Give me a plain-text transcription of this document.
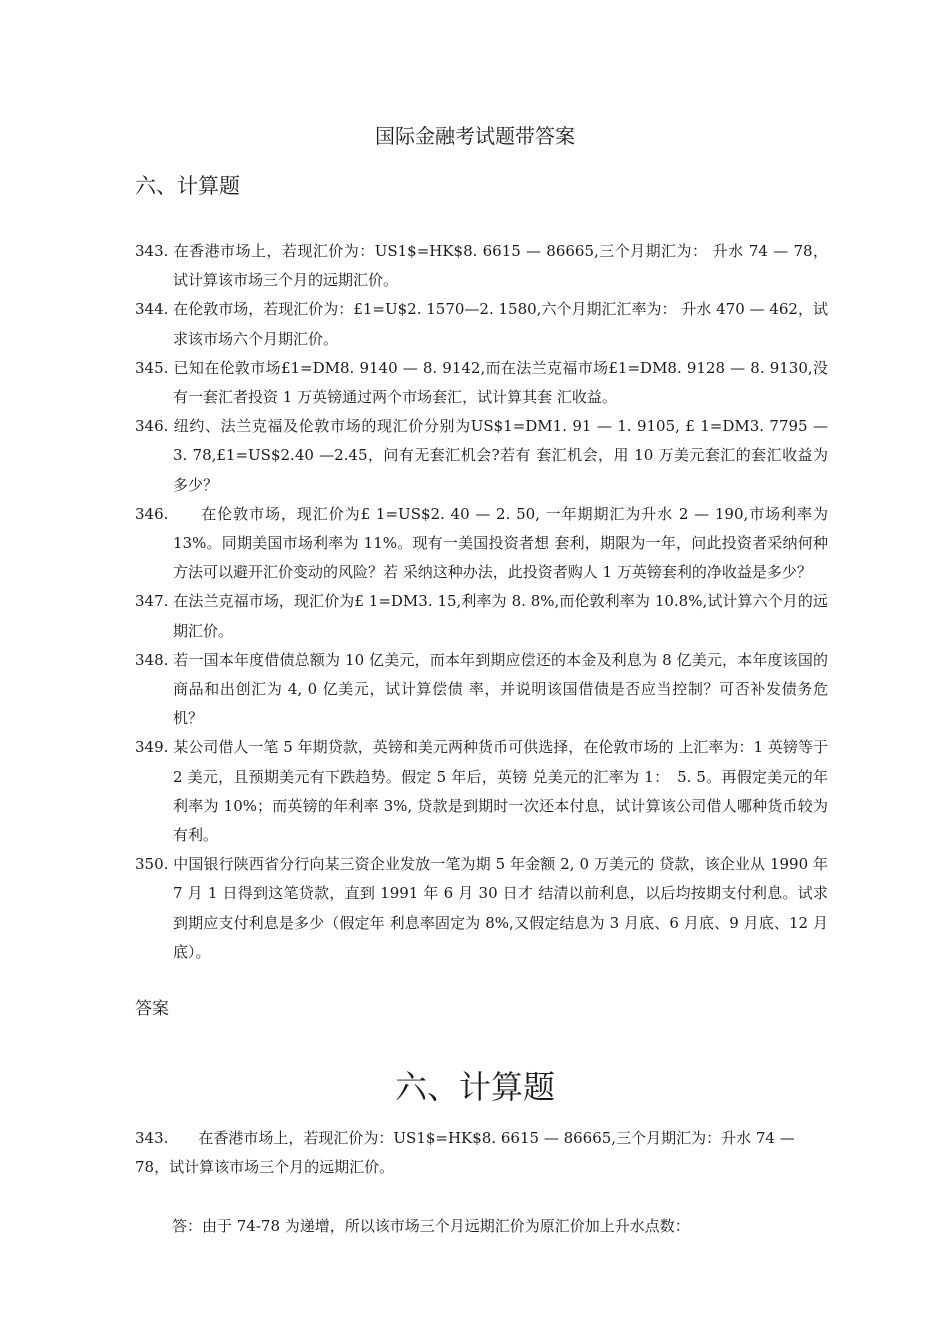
国际金融考试题带答案
六、计算题

343. 在香港市场上，若现汇价为：US1$=HK$8. 6615 — 86665,三个月期汇为： 升水 74 — 78，试计算该市场三个月的远期汇价。

344. 在伦敦市场，若现汇价为：£1=U$2. 1570—2. 1580,六个月期汇汇率为： 升水 470 — 462，试求该市场六个月期汇价。

345. 已知在伦敦市场£1=DM8. 9140 — 8. 9142,而在法兰克福市场£1=DM8. 9128 — 8. 9130,没有一套汇者投资 1 万英镑通过两个市场套汇，试计算其套 汇收益。

346. 纽约、法兰克福及伦敦市场的现汇价分别为US$1=DM1. 91 — 1. 9105, £ 1=DM3. 7795 — 3. 78,£1=US$2.40 —2.45，问有无套汇机会?若有 套汇机会，用 10 万美元套汇的套汇收益为多少？

346.　　在伦敦市场，现汇价为£ 1=US$2. 40 — 2. 50, 一年期期汇为升水 2 — 190,市场利率为 13%。同期美国市场利率为 11%。现有一美国投资者想 套利，期限为一年，问此投资者采纳何种方法可以避开汇价变动的风险？若 采纳这种办法，此投资者购人 1 万英镑套利的净收益是多少？

347. 在法兰克福市场，现汇价为£ 1=DM3. 15,利率为 8. 8%,而伦敦利率为 10.8%,试计算六个月的远期汇价。

348. 若一国本年度借债总额为 10 亿美元，而本年到期应偿还的本金及利息为 8 亿美元，本年度该国的商品和出创汇为 4, 0 亿美元，试计算偿债 率，并说明该国借债是否应当控制？可否补发债务危机？

349. 某公司借人一笔 5 年期贷款，英镑和美元两种货币可供选择，在伦敦市场的 上汇率为：1 英镑等于 2 美元，且预期美元有下跌趋势。假定 5 年后，英镑 兑美元的汇率为 1：　5. 5。再假定美元的年利率为 10%；而英镑的年利率 3%, 贷款是到期时一次还本付息，试计算该公司借人哪种货币较为有利。

350. 中国银行陕西省分行向某三资企业发放一笔为期 5 年金额 2, 0 万美元的 贷款，该企业从 1990 年 7 月 1 日得到这笔贷款，直到 1991 年 6 月 30 日才 结清以前利息，以后均按期支付利息。试求到期应支付利息是多少（假定年 利息率固定为 8%,又假定结息为 3 月底、6 月底、9 月底、12 月底）。

答案
六、计算题

343.　　在香港市场上，若现汇价为：US1$=HK$8. 6615 — 86665,三个月期汇为：升水 74 — 78，试计算该市场三个月的远期汇价。

答：由于 74-78 为递增，所以该市场三个月远期汇价为原汇价加上升水点数：
